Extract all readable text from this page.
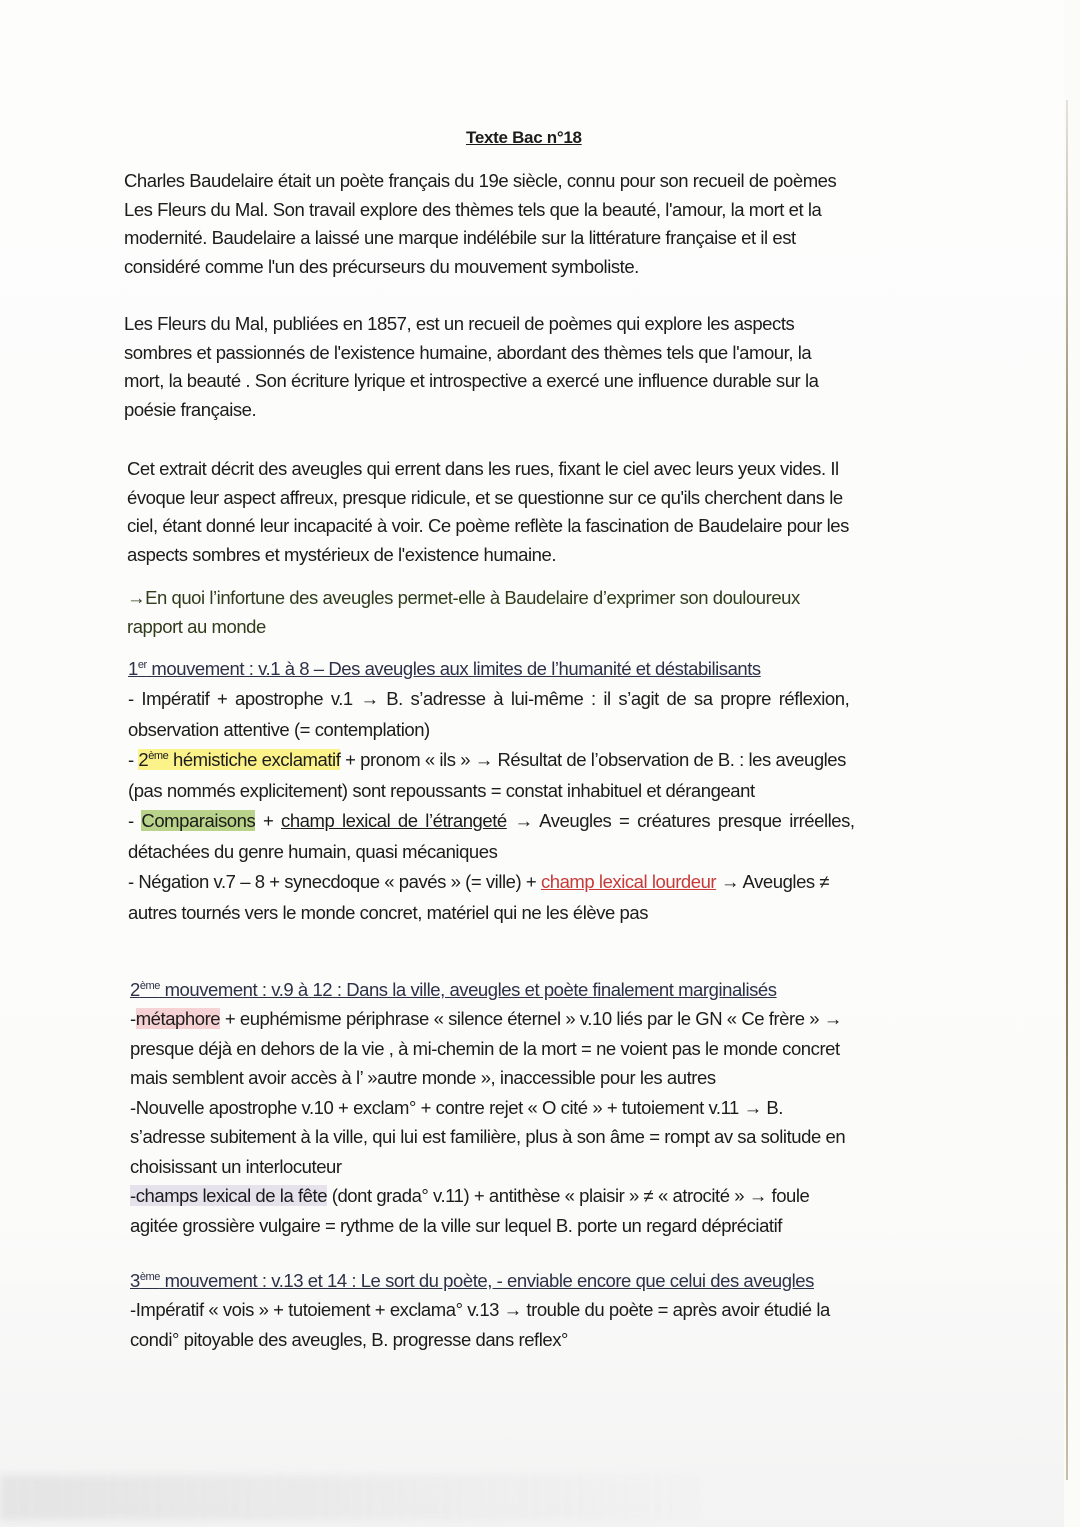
Texte Bac n°18
Charles Baudelaire était un poète français du 19e siècle, connu pour son recueil de poèmes
Les Fleurs du Mal. Son travail explore des thèmes tels que la beauté, l'amour, la mort et la
modernité. Baudelaire a laissé une marque indélébile sur la littérature française et il est
considéré comme l'un des précurseurs du mouvement symboliste.
Les Fleurs du Mal, publiées en 1857, est un recueil de poèmes qui explore les aspects
sombres et passionnés de l'existence humaine, abordant des thèmes tels que l'amour, la
mort, la beauté . Son écriture lyrique et introspective a exercé une influence durable sur la
poésie française.
Cet extrait décrit des aveugles qui errent dans les rues, fixant le ciel avec leurs yeux vides. Il
évoque leur aspect affreux, presque ridicule, et se questionne sur ce qu'ils cherchent dans le
ciel, étant donné leur incapacité à voir. Ce poème reflète la fascination de Baudelaire pour les
aspects sombres et mystérieux de l'existence humaine.
→En quoi l’infortune des aveugles permet-elle à Baudelaire d’exprimer son douloureux
rapport au monde
1er mouvement : v.1 à 8 – Des aveugles aux limites de l’humanité et déstabilisants
- Impératif + apostrophe v.1 → B. s’adresse à lui-même : il s’agit de sa propre réflexion,
observation attentive (= contemplation)
- 2ème hémistiche exclamatif + pronom « ils » → Résultat de l’observation de B. : les aveugles
(pas nommés explicitement) sont repoussants = constat inhabituel et dérangeant
- Comparaisons + champ lexical de l’étrangeté → Aveugles = créatures presque irréelles,
détachées du genre humain, quasi mécaniques
- Négation v.7 – 8 + synecdoque « pavés » (= ville) + champ lexical lourdeur → Aveugles ≠
autres tournés vers le monde concret, matériel qui ne les élève pas
2ème mouvement : v.9 à 12 : Dans la ville, aveugles et poète finalement marginalisés
-métaphore + euphémisme périphrase « silence éternel » v.10 liés par le GN « Ce frère » →
presque déjà en dehors de la vie , à mi-chemin de la mort = ne voient pas le monde concret
mais semblent avoir accès à l’ »autre monde », inaccessible pour les autres
-Nouvelle apostrophe v.10 + exclam° + contre rejet « O cité » + tutoiement v.11 → B.
s’adresse subitement à la ville, qui lui est familière, plus à son âme = rompt av sa solitude en
choisissant un interlocuteur
-champs lexical de la fête (dont grada° v.11) + antithèse « plaisir » ≠ « atrocité » → foule
agitée grossière vulgaire = rythme de la ville sur lequel B. porte un regard dépréciatif
3ème mouvement : v.13 et 14 : Le sort du poète, - enviable encore que celui des aveugles
-Impératif « vois » + tutoiement + exclama° v.13 → trouble du poète = après avoir étudié la
condi° pitoyable des aveugles, B. progresse dans reflex°
